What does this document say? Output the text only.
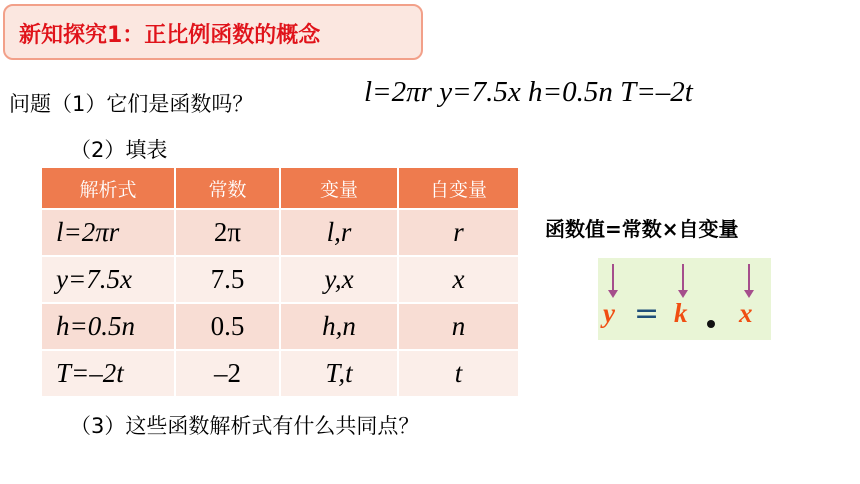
新知探究1：正比例函数的概念
问题（1）它们是函数吗？	l=2πr y=7.5x h=0.5n T=–2t
（2）填表
解析式	常数	变量	自变量
l=2πr	2π	l,r	r
y=7.5x	7.5	y,x	x
h=0.5n	0.5	h,n	n
T=–2t	–2	T,t	t
函数值=常数×自变量
y = k x
（3）这些函数解析式有什么共同点？
